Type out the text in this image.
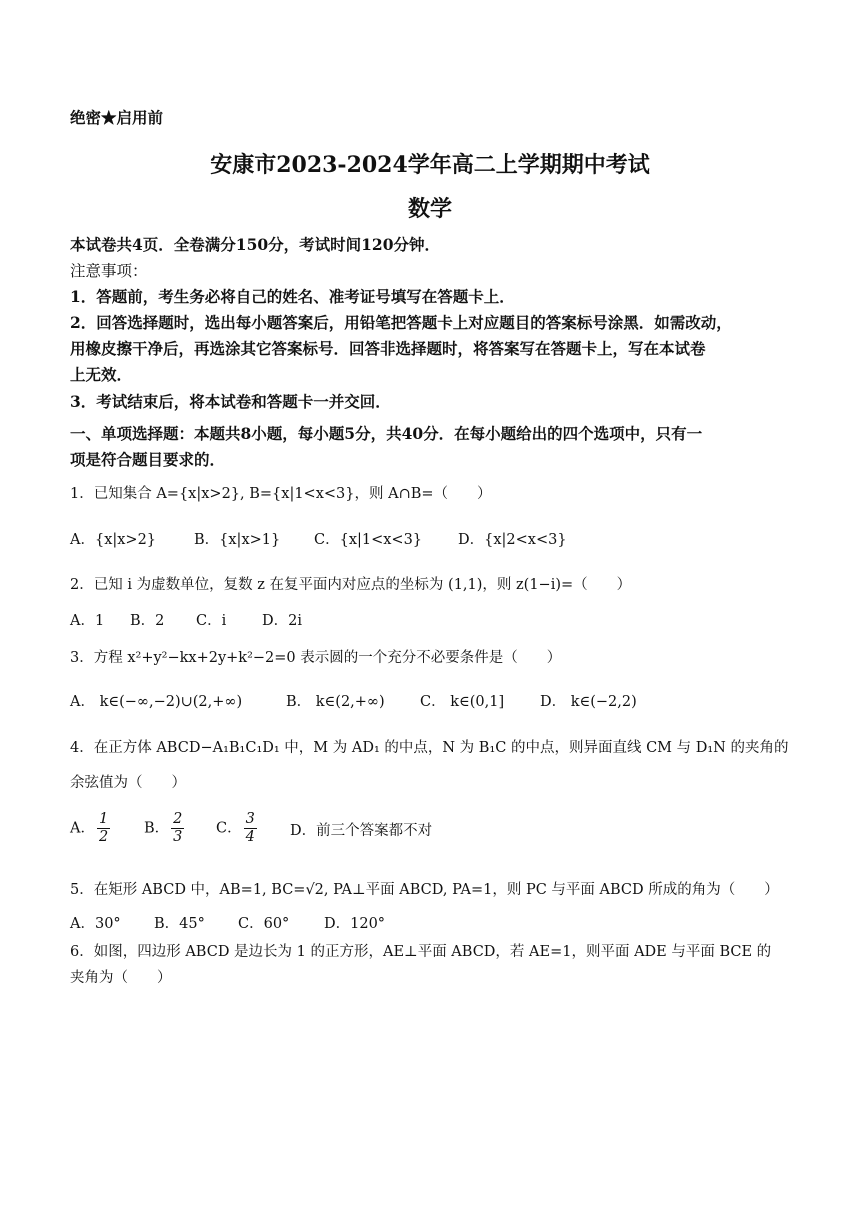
绝密★启用前
安康市2023-2024学年高二上学期期中考试
数学
本试卷共4页．全卷满分150分，考试时间120分钟．
注意事项：
1．答题前，考生务必将自己的姓名、准考证号填写在答题卡上．
2．回答选择题时，选出每小题答案后，用铅笔把答题卡上对应题目的答案标号涂黑．如需改动，
用橡皮擦干净后，再选涂其它答案标号．回答非选择题时，将答案写在答题卡上，写在本试卷
上无效．
3．考试结束后，将本试卷和答题卡一并交回．
一、单项选择题：本题共8小题，每小题5分，共40分．在每小题给出的四个选项中，只有一
项是符合题目要求的．
1．已知集合 A={x|x>2}, B={x|1<x<3}，则 A∩B=（　　）
A．{x|x>2}	B．{x|x>1} C．{x|1<x<3} D．{x|2<x<3}
2．已知 i 为虚数单位，复数 z 在复平面内对应点的坐标为 (1,1)，则 z(1−i)=（　　）
A．1 B．2 C．i D．2i
3．方程 x²+y²−kx+2y+k²−2=0 表示圆的一个充分不必要条件是（　　）
A． k∈(−∞,−2)∪(2,+∞)	B． k∈(2,+∞) C． k∈(0,1] D． k∈(−2,2)
4．在正方体 ABCD−A₁B₁C₁D₁ 中，M 为 AD₁ 的中点，N 为 B₁C 的中点，则异面直线 CM 与 D₁N 的夹角的
余弦值为（　　）
A． $\frac{1}{2}$ B． $\frac{2}{3}$ C． $\frac{3}{4}$ D．前三个答案都不对
5．在矩形 ABCD 中，AB=1, BC=√2, PA⊥平面 ABCD, PA=1，则 PC 与平面 ABCD 所成的角为（　　）
A．30° B．45° C．60° D．120°
6．如图，四边形 ABCD 是边长为 1 的正方形，AE⊥平面 ABCD，若 AE=1，则平面 ADE 与平面 BCE 的
夹角为（　　）
